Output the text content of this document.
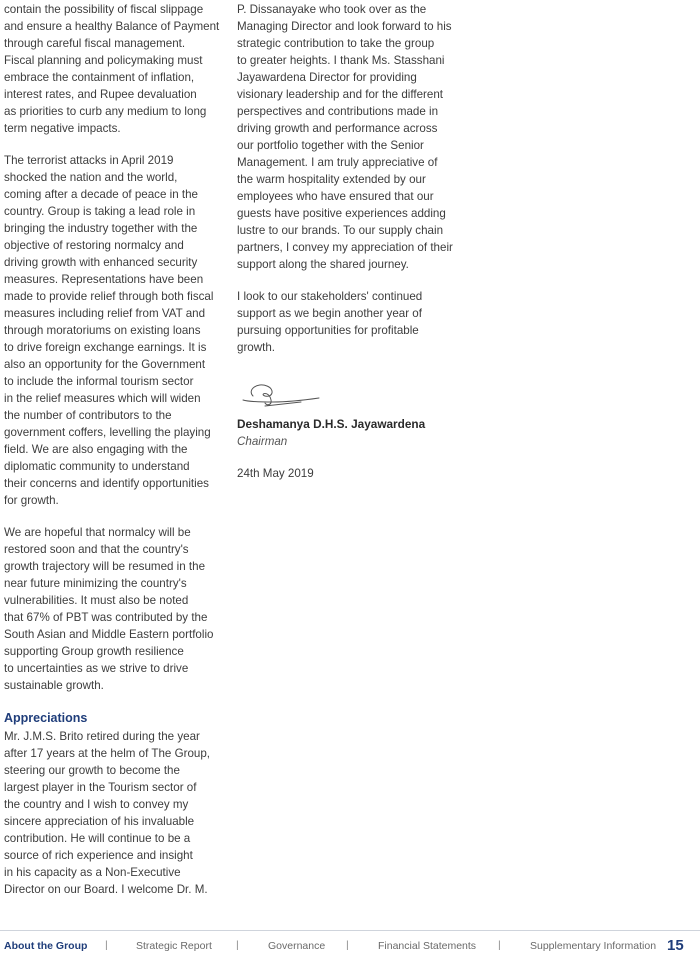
contain the possibility of fiscal slippage
and ensure a healthy Balance of Payment
through careful fiscal management.
Fiscal planning and policymaking must
embrace the containment of inflation,
interest rates, and Rupee devaluation
as priorities to curb any medium to long
term negative impacts.

The terrorist attacks in April 2019
shocked the nation and the world,
coming after a decade of peace in the
country. Group is taking a lead role in
bringing the industry together with the
objective of restoring normalcy and
driving growth with enhanced security
measures. Representations have been
made to provide relief through both fiscal
measures including relief from VAT and
through moratoriums on existing loans
to drive foreign exchange earnings. It is
also an opportunity for the Government
to include the informal tourism sector
in the relief measures which will widen
the number of contributors to the
government coffers, levelling the playing
field. We are also engaging with the
diplomatic community to understand
their concerns and identify opportunities
for growth.

We are hopeful that normalcy will be
restored soon and that the country's
growth trajectory will be resumed in the
near future minimizing the country's
vulnerabilities. It must also be noted
that 67% of PBT was contributed by the
South Asian and Middle Eastern portfolio
supporting Group growth resilience
to uncertainties as we strive to drive
sustainable growth.

Appreciations

Mr. J.M.S. Brito retired during the year
after 17 years at the helm of The Group,
steering our growth to become the
largest player in the Tourism sector of
the country and I wish to convey my
sincere appreciation of his invaluable
contribution. He will continue to be a
source of rich experience and insight
in his capacity as a Non-Executive
Director on our Board. I welcome Dr. M.

P. Dissanayake who took over as the
Managing Director and look forward to his
strategic contribution to take the group
to greater heights. I thank Ms. Stasshani
Jayawardena Director for providing
visionary leadership and for the different
perspectives and contributions made in
driving growth and performance across
our portfolio together with the Senior
Management. I am truly appreciative of
the warm hospitality extended by our
employees who have ensured that our
guests have positive experiences adding
lustre to our brands. To our supply chain
partners, I convey my appreciation of their
support along the shared journey.

I look to our stakeholders' continued
support as we begin another year of
pursuing opportunities for profitable
growth.

Deshamanya D.H.S. Jayawardena
Chairman
24th May 2019
About the Group |	Strategic Report |	Governance |	Financial Statements |	Supplementary Information 15
